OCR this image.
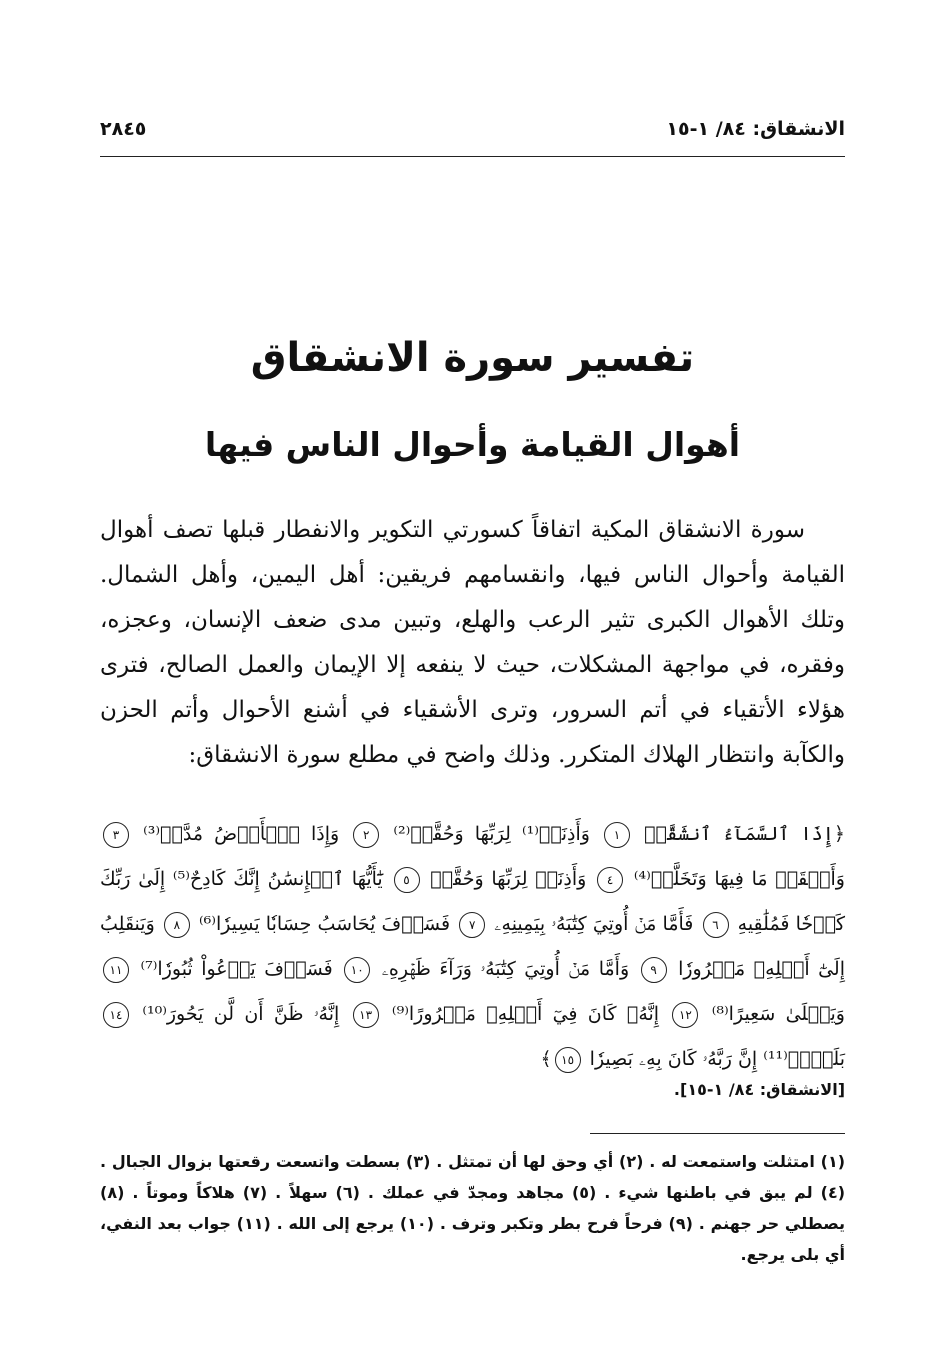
الانشقاق: ٨٤/ ١-١٥
٢٨٤٥
تفسير سورة الانشقاق
أهوال القيامة وأحوال الناس فيها
سورة الانشقاق المكية اتفاقاً كسورتي التكوير والانفطار قبلها تصف أهوال القيامة وأحوال الناس فيها، وانقسامهم فريقين: أهل اليمين، وأهل الشمال. وتلك الأهوال الكبرى تثير الرعب والهلع، وتبين مدى ضعف الإنسان، وعجزه، وفقره، في مواجهة المشكلات، حيث لا ينفعه إلا الإيمان والعمل الصالح، فترى هؤلاء الأتقياء في أتم السرور، وترى الأشقياء في أشنع الأحوال وأتم الحزن والكآبة وانتظار الهلاك المتكرر. وذلك واضح في مطلع سورة الانشقاق:
﴿إِذَا ٱلسَّمَآءُ ٱنشَقَّتۡ ١ وَأَذِنَتۡ⁽¹⁾ لِرَبِّهَا وَحُقَّتۡ⁽²⁾ ٢ وَإِذَا ٱلۡأَرۡضُ مُدَّتۡ⁽³⁾ ٣ وَأَلۡقَتۡ مَا فِيهَا وَتَخَلَّتۡ⁽⁴⁾ ٤ وَأَذِنَتۡ لِرَبِّهَا وَحُقَّتۡ ٥ يَٰٓأَيُّهَا ٱلۡإِنسَٰنُ إِنَّكَ كَادِحٌ⁽⁵⁾ إِلَىٰ رَبِّكَ كَدۡحٗا فَمُلَٰقِيهِ ٦ فَأَمَّا مَنۡ أُوتِيَ كِتَٰبَهُۥ بِيَمِينِهِۦ ٧ فَسَوۡفَ يُحَاسَبُ حِسَابٗا يَسِيرٗا⁽⁶⁾ ٨ وَيَنقَلِبُ إِلَىٰٓ أَهۡلِهِۦ مَسۡرُورٗا ٩ وَأَمَّا مَنۡ أُوتِيَ كِتَٰبَهُۥ وَرَآءَ ظَهۡرِهِۦ ١٠ فَسَوۡفَ يَدۡعُواْ ثُبُورٗا⁽⁷⁾ ١١ وَيَصۡلَىٰ سَعِيرًا⁽⁸⁾ ١٢ إِنَّهُۥ كَانَ فِيٓ أَهۡلِهِۦ مَسۡرُورًا⁽⁹⁾ ١٣ إِنَّهُۥ ظَنَّ أَن لَّن يَحُورَ⁽¹⁰⁾ ١٤ بَلَىٰٓۚ⁽¹¹⁾ إِنَّ رَبَّهُۥ كَانَ بِهِۦ بَصِيرٗا ١٥﴾
[الانشقاق: ٨٤/ ١-١٥].
(١) امتثلت واستمعت له . (٢) أي وحق لها أن تمتثل . (٣) بسطت واتسعت رقعتها بزوال الجبال . (٤) لم يبق في باطنها شيء . (٥) مجاهد ومجدّ في عملك . (٦) سهلاً . (٧) هلاكاً وموتاً . (٨) يصطلي حر جهنم . (٩) فرحاً فرح بطر وتكبر وترف . (١٠) يرجع إلى الله . (١١) جواب بعد النفي، أي بلى يرجع.
